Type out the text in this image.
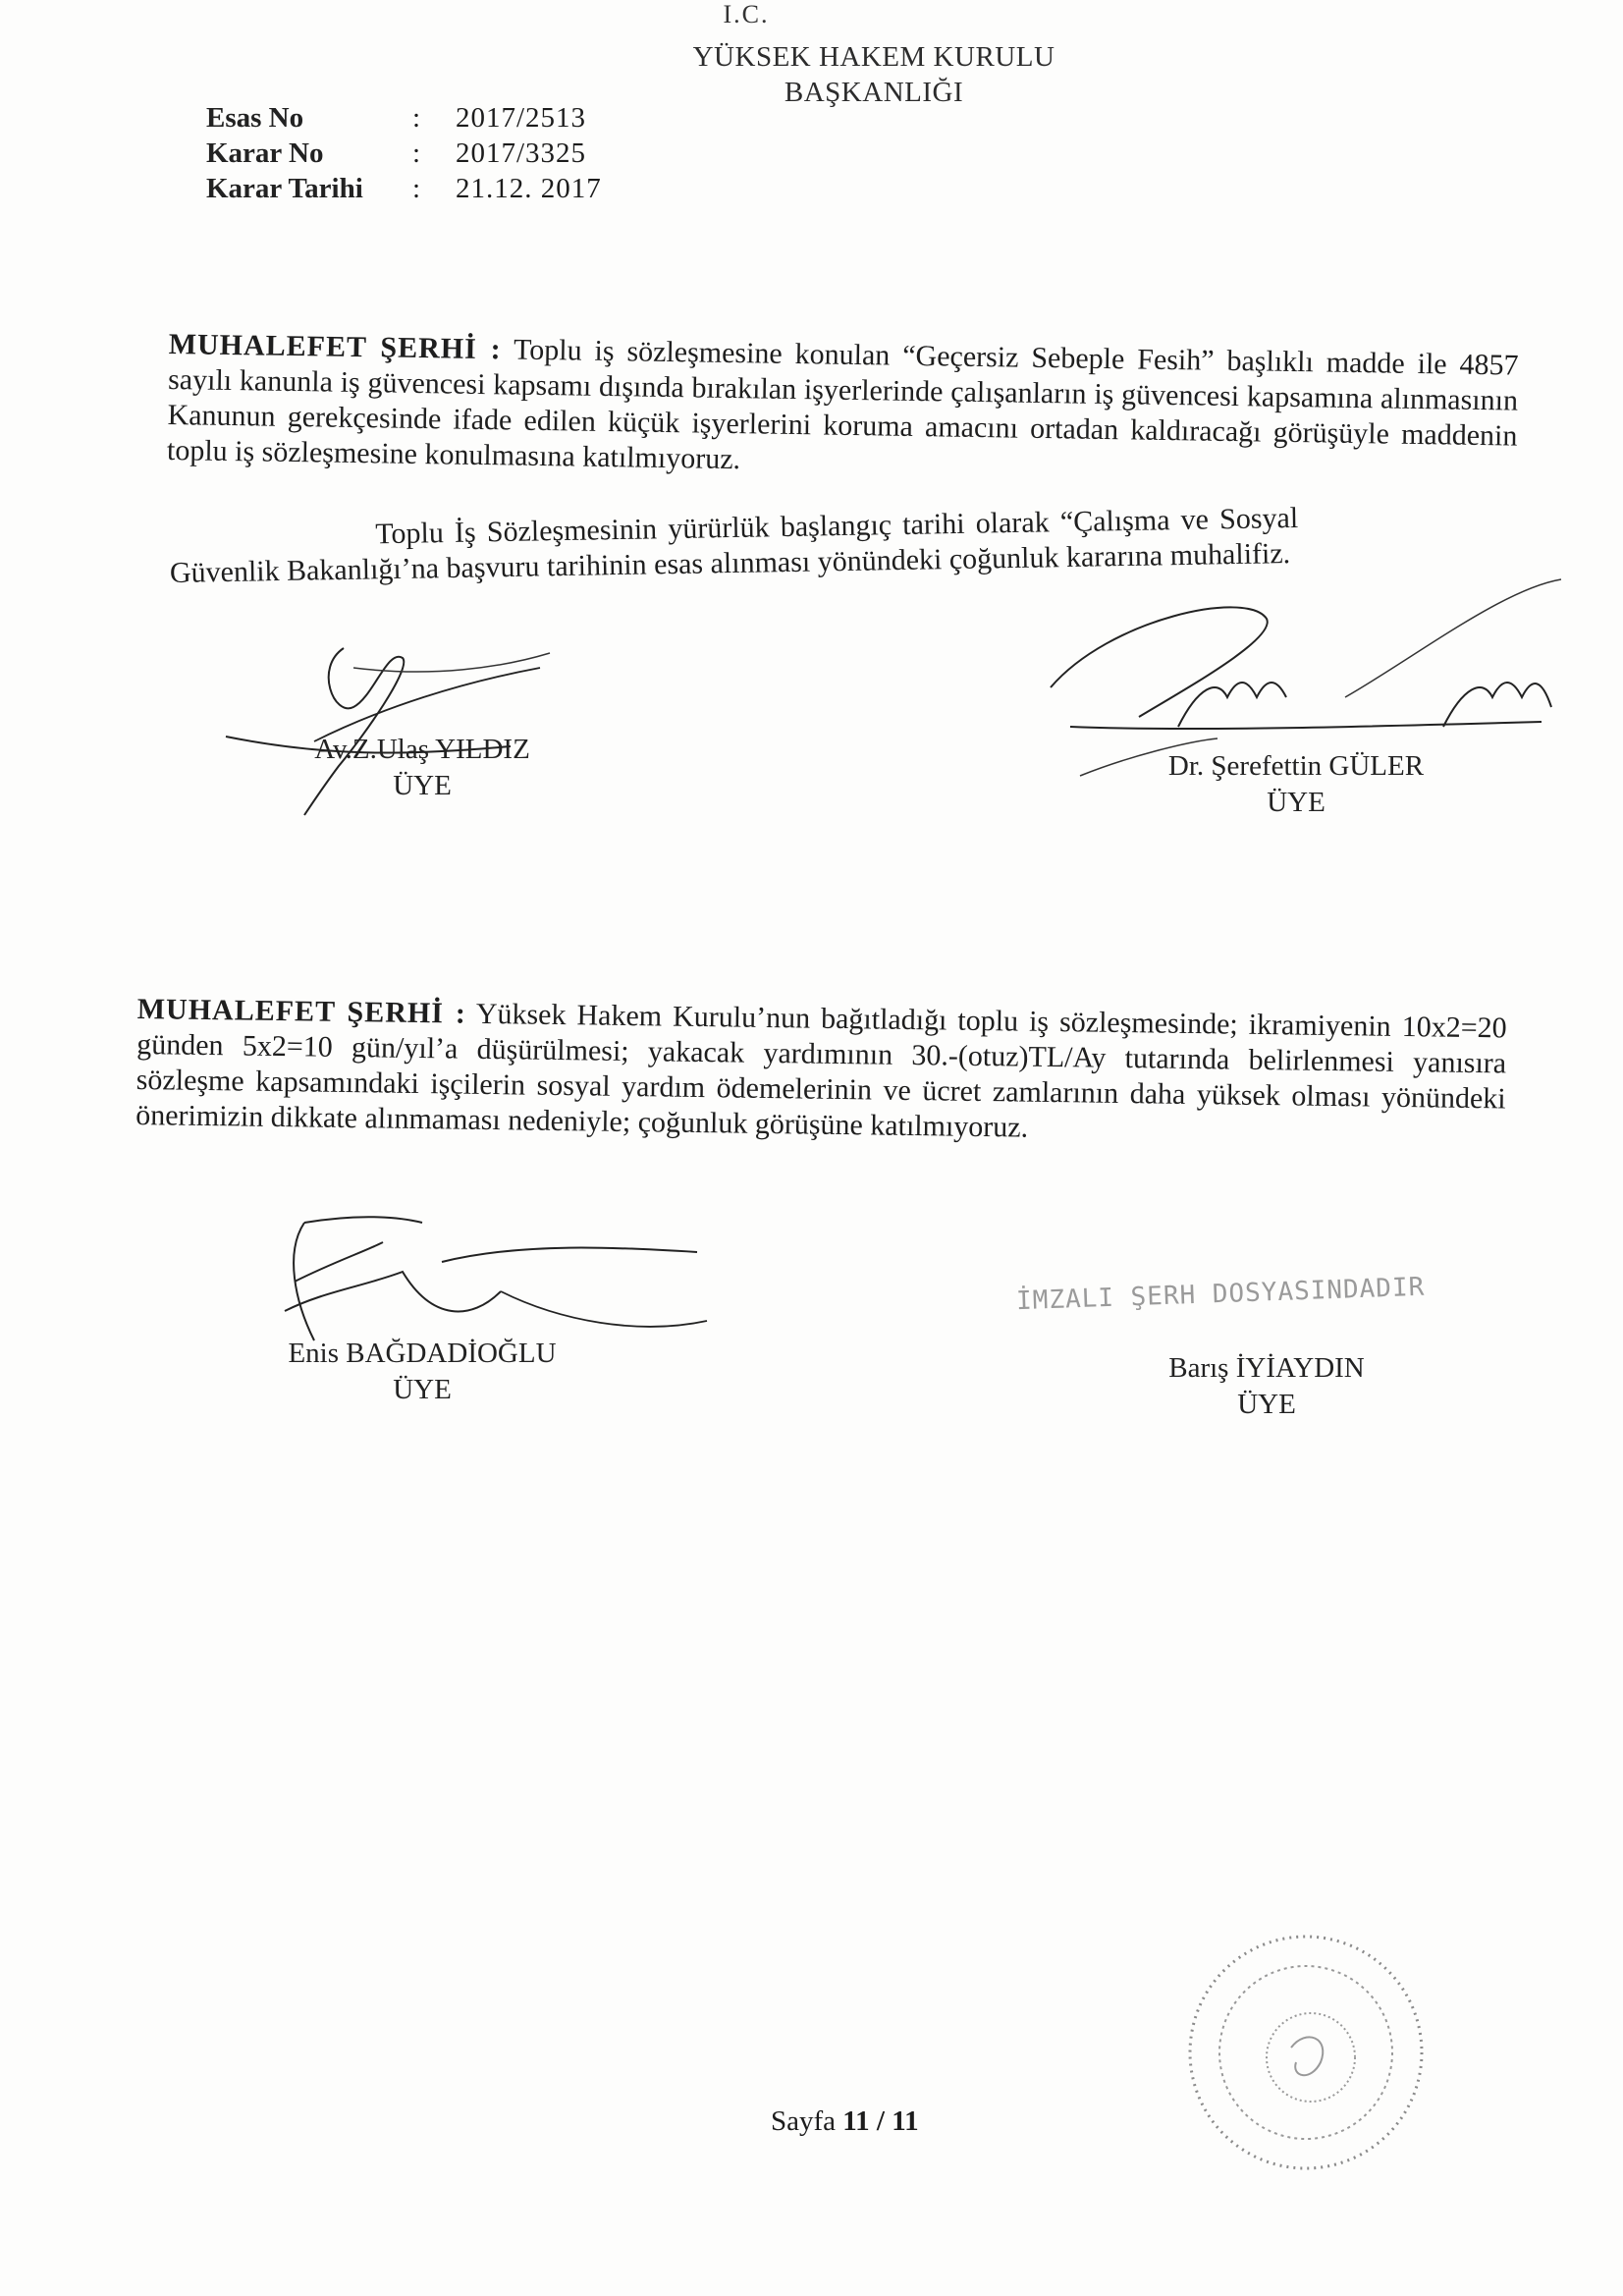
I.C.
YÜKSEK HAKEM KURULU
BAŞKANLIĞI
Esas No	:	2017/2513
Karar No	:	2017/3325
Karar Tarihi	:	21.12. 2017
MUHALEFET ŞERHİ : Toplu iş sözleşmesine konulan “Geçersiz Sebeple Fesih” başlıklı madde ile 4857 sayılı kanunla iş güvencesi kapsamı dışında bırakılan işyerlerinde çalışanların iş güvencesi kapsamına alınmasının Kanunun gerekçesinde ifade edilen küçük işyerlerini koruma amacını ortadan kaldıracağı görüşüyle maddenin toplu iş sözleşmesine konulmasına katılmıyoruz.
Toplu İş Sözleşmesinin yürürlük başlangıç tarihi olarak “Çalışma ve Sosyal Güvenlik Bakanlığı’na başvuru tarihinin esas alınması yönündeki çoğunluk kararına muhalifiz.
Av.Z.Ulaş YILDIZ
ÜYE
Dr. Şerefettin GÜLER
ÜYE
MUHALEFET ŞERHİ : Yüksek Hakem Kurulu’nun bağıtladığı toplu iş sözleşmesinde; ikramiyenin 10x2=20 günden 5x2=10 gün/yıl’a düşürülmesi; yakacak yardımının 30.-(otuz)TL/Ay tutarında belirlenmesi yanısıra sözleşme kapsamındaki işçilerin sosyal yardım ödemelerinin ve ücret zamlarının daha yüksek olması yönündeki önerimizin dikkate alınmaması nedeniyle; çoğunluk görüşüne katılmıyoruz.
Enis BAĞDADİOĞLU
ÜYE
İMZALI ŞERH DOSYASINDADIR
Barış İYİAYDIN
ÜYE
Sayfa 11 / 11
